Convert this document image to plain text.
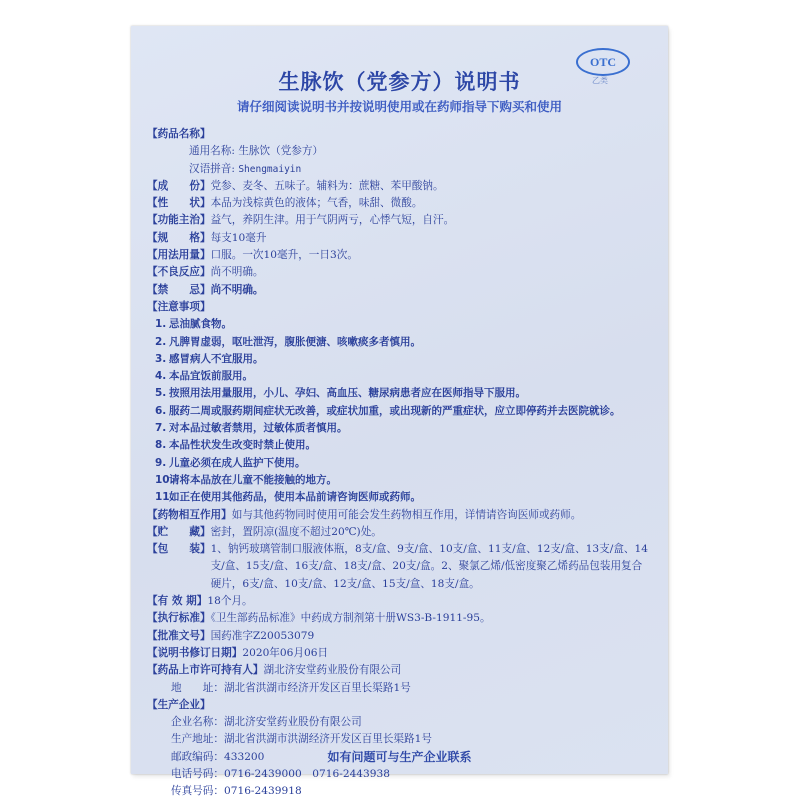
OTC
乙类
生脉饮（党参方）说明书
请仔细阅读说明书并按说明使用或在药师指导下购买和使用
【药品名称】
通用名称: 生脉饮（党参方）
汉语拼音: Shengmaiyin
【成　　份】党参、麦冬、五味子。辅料为：蔗糖、苯甲酸钠。
【性　　状】本品为浅棕黄色的液体；气香，味甜、微酸。
【功能主治】益气，养阴生津。用于气阴两亏，心悸气短，自汗。
【规　　格】每支10毫升
【用法用量】口服。一次10毫升，一日3次。
【不良反应】尚不明确。
【禁　　忌】尚不明确。
【注意事项】
1. 忌油腻食物。
2. 凡脾胃虚弱，呕吐泄泻，腹胀便溏、咳嗽痰多者慎用。
3. 感冒病人不宜服用。
4. 本品宜饭前服用。
5. 按照用法用量服用，小儿、孕妇、高血压、糖尿病患者应在医师指导下服用。
6. 服药二周或服药期间症状无改善，或症状加重，或出现新的严重症状，应立即停药并去医院就诊。
7. 对本品过敏者禁用，过敏体质者慎用。
8. 本品性状发生改变时禁止使用。
9. 儿童必须在成人监护下使用。
10.
请将本品放在儿童不能接触的地方。
11.
如正在使用其他药品，使用本品前请咨询医师或药师。
【药物相互作用】 如与其他药物同时使用可能会发生药物相互作用，详情请咨询医师或药师。
【贮　　藏】密封，置阴凉(温度不超过20℃)处。
【包　　装】 1、钠钙玻璃管制口服液体瓶，8支/盒、9支/盒、10支/盒、11支/盒、12支/盒、13支/盒、14支/盒、15支/盒、16支/盒、18支/盒、20支/盒。2、聚氯乙烯/低密度聚乙烯药品包装用复合硬片，6支/盒、10支/盒、12支/盒、15支/盒、18支/盒。
【有 效 期】18个月。
【执行标准】《卫生部药品标准》中药成方制剂第十册WS3-B-1911-95。
【批准文号】国药准字Z20053079
【说明书修订日期】2020年06月06日
【药品上市许可持有人】湖北济安堂药业股份有限公司
地　　址：湖北省洪湖市经济开发区百里长渠路1号
【生产企业】
企业名称：湖北济安堂药业股份有限公司
生产地址：湖北省洪湖市洪湖经济开发区百里长渠路1号
邮政编码：433200
电话号码：0716-2439000　0716-2443938
传真号码：0716-2439918
如有问题可与生产企业联系
